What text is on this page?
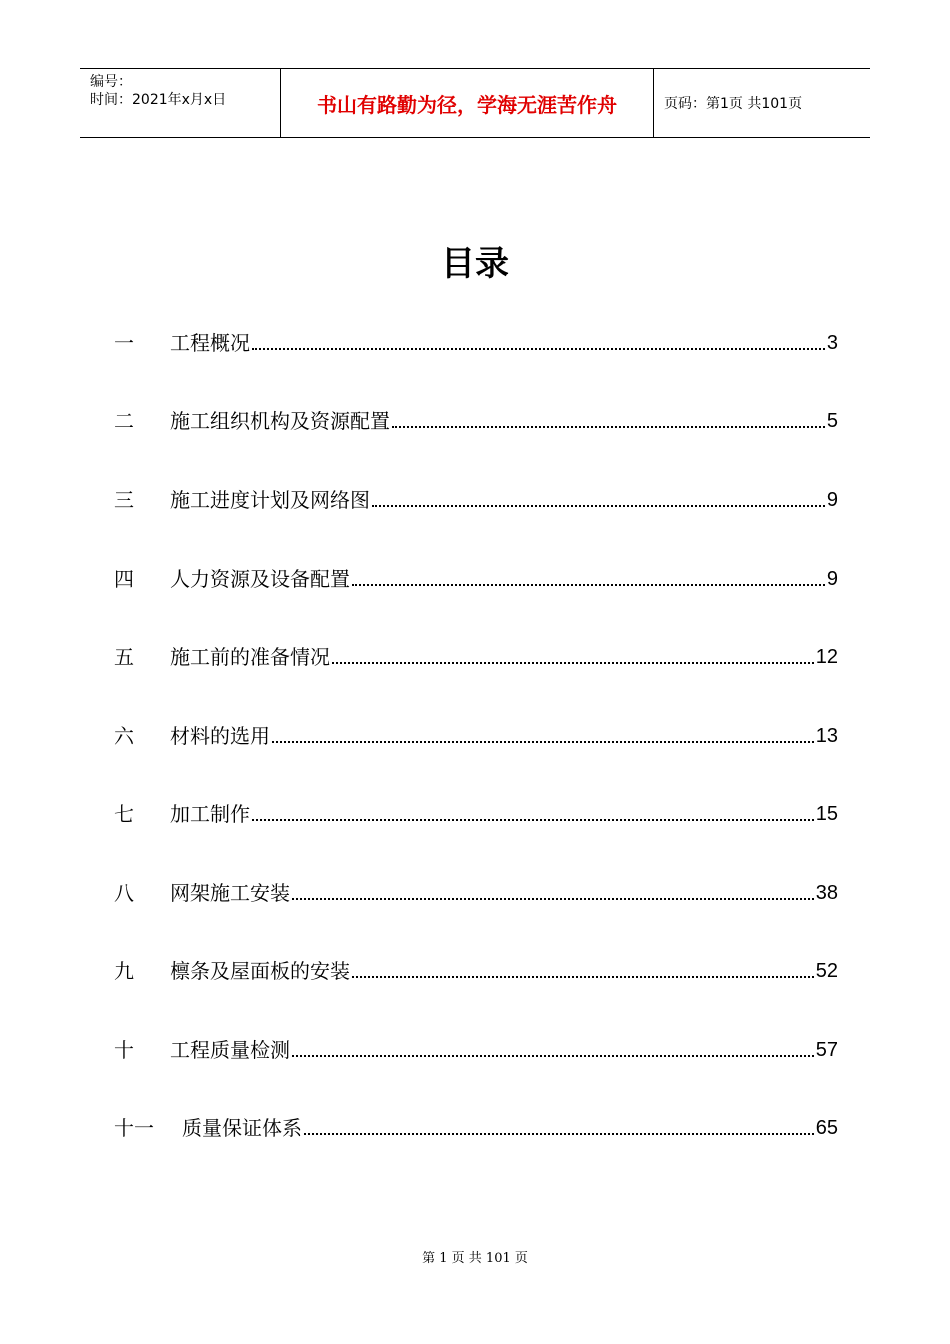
编号：
时间：2021年x月x日	书山有路勤为径，学海无涯苦作舟	页码：第1页 共101页
目录
一	工程概况	3
二	施工组织机构及资源配置	5
三	施工进度计划及网络图	9
四	人力资源及设备配置	9
五	施工前的准备情况	12
六	材料的选用	13
七	加工制作	15
八	网架施工安装	38
九	檩条及屋面板的安装	52
十	工程质量检测	57
十一	质量保证体系	65
第 1 页 共 101 页
